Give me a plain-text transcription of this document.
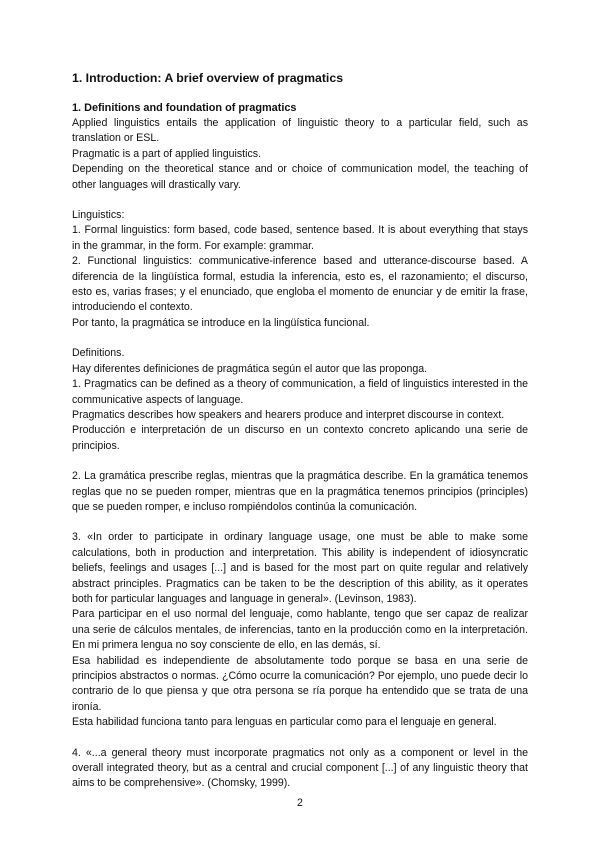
1. Introduction: A brief overview of pragmatics
1. Definitions and foundation of pragmatics

Applied linguistics entails the application of linguistic theory to a particular field, such as translation or ESL.

Pragmatic is a part of applied linguistics.

Depending on the theoretical stance and or choice of communication model, the teaching of other languages will drastically vary.

Linguistics:

1. Formal linguistics: form based, code based, sentence based. It is about everything that stays in the grammar, in the form. For example: grammar.

2. Functional linguistics: communicative-inference based and utterance-discourse based. A diferencia de la lingüística formal, estudia la inferencia, esto es, el razonamiento; el discurso, esto es, varias frases; y el enunciado, que engloba el momento de enunciar y de emitir la frase, introduciendo el contexto.

Por tanto, la pragmática se introduce en la lingüística funcional.

Definitions.

Hay diferentes definiciones de pragmática según el autor que las proponga.

1. Pragmatics can be defined as a theory of communication, a field of linguistics interested in the communicative aspects of language.

Pragmatics describes how speakers and hearers produce and interpret discourse in context.

Producción e interpretación de un discurso en un contexto concreto aplicando una serie de principios.

2. La gramática prescribe reglas, mientras que la pragmática describe. En la gramática tenemos reglas que no se pueden romper, mientras que en la pragmática tenemos principios (principles) que se pueden romper, e incluso rompiéndolos continúa la comunicación.

3. «In order to participate in ordinary language usage, one must be able to make some calculations, both in production and interpretation. This ability is independent of idiosyncratic beliefs, feelings and usages [...] and is based for the most part on quite regular and relatively abstract principles. Pragmatics can be taken to be the description of this ability, as it operates both for particular languages and language in general». (Levinson, 1983).

Para participar en el uso normal del lenguaje, como hablante, tengo que ser capaz de realizar una serie de cálculos mentales, de inferencias, tanto en la producción como en la interpretación. En mi primera lengua no soy consciente de ello, en las demás, sí.

Esa habilidad es independiente de absolutamente todo porque se basa en una serie de principios abstractos o normas. ¿Cómo ocurre la comunicación? Por ejemplo, uno puede decir lo contrario de lo que piensa y que otra persona se ría porque ha entendido que se trata de una ironía.

Esta habilidad funciona tanto para lenguas en particular como para el lenguaje en general.

4. «...a general theory must incorporate pragmatics not only as a component or level in the overall integrated theory, but as a central and crucial component [...] of any linguistic theory that aims to be comprehensive». (Chomsky, 1999).

2
